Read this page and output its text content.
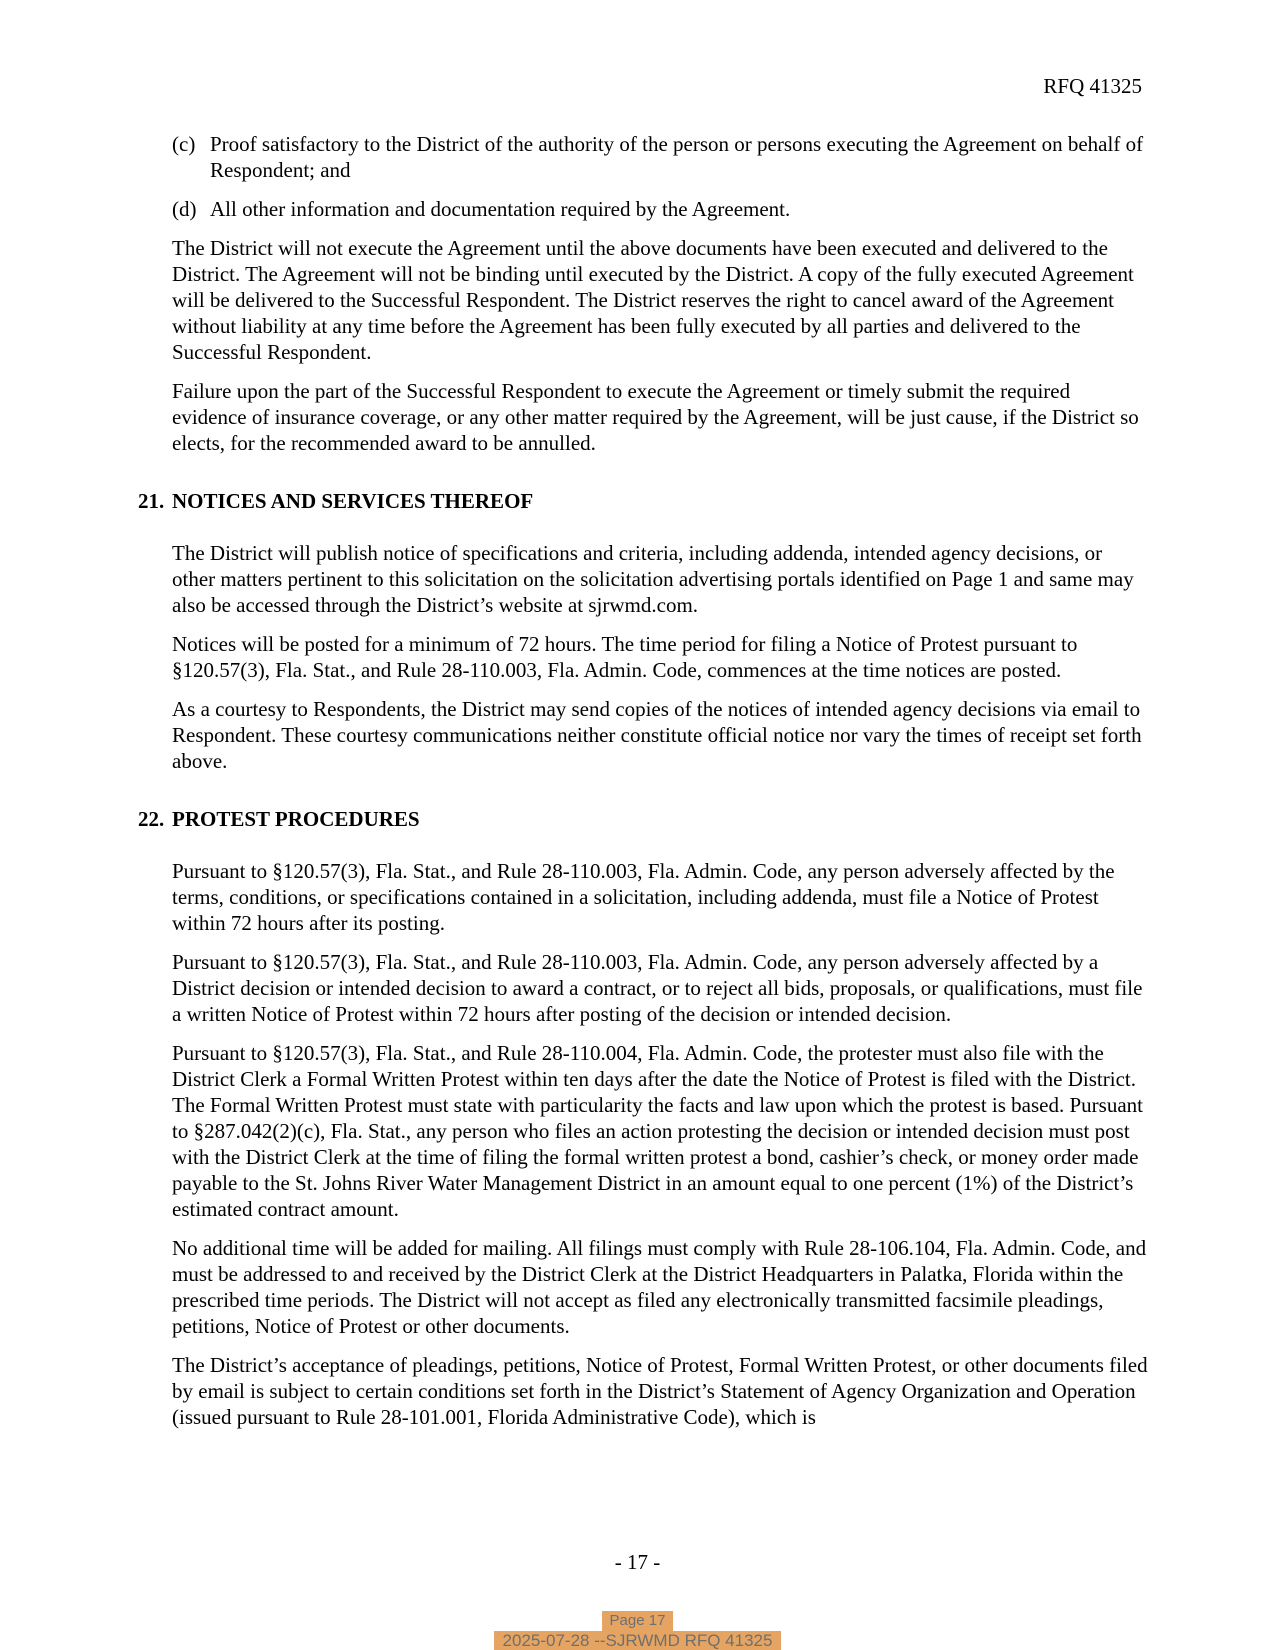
RFQ 41325
(c) Proof satisfactory to the District of the authority of the person or persons executing the Agreement on behalf of Respondent; and
(d) All other information and documentation required by the Agreement.

The District will not execute the Agreement until the above documents have been executed and delivered to the District. The Agreement will not be binding until executed by the District. A copy of the fully executed Agreement will be delivered to the Successful Respondent. The District reserves the right to cancel award of the Agreement without liability at any time before the Agreement has been fully executed by all parties and delivered to the Successful Respondent.

Failure upon the part of the Successful Respondent to execute the Agreement or timely submit the required evidence of insurance coverage, or any other matter required by the Agreement, will be just cause, if the District so elects, for the recommended award to be annulled.

21. NOTICES AND SERVICES THEREOF

The District will publish notice of specifications and criteria, including addenda, intended agency decisions, or other matters pertinent to this solicitation on the solicitation advertising portals identified on Page 1 and same may also be accessed through the District’s website at sjrwmd.com.

Notices will be posted for a minimum of 72 hours. The time period for filing a Notice of Protest pursuant to §120.57(3), Fla. Stat., and Rule 28-110.003, Fla. Admin. Code, commences at the time notices are posted.

As a courtesy to Respondents, the District may send copies of the notices of intended agency decisions via email to Respondent. These courtesy communications neither constitute official notice nor vary the times of receipt set forth above.

22. PROTEST PROCEDURES

Pursuant to §120.57(3), Fla. Stat., and Rule 28-110.003, Fla. Admin. Code, any person adversely affected by the terms, conditions, or specifications contained in a solicitation, including addenda, must file a Notice of Protest within 72 hours after its posting.

Pursuant to §120.57(3), Fla. Stat., and Rule 28-110.003, Fla. Admin. Code, any person adversely affected by a District decision or intended decision to award a contract, or to reject all bids, proposals, or qualifications, must file a written Notice of Protest within 72 hours after posting of the decision or intended decision.

Pursuant to §120.57(3), Fla. Stat., and Rule 28-110.004, Fla. Admin. Code, the protester must also file with the District Clerk a Formal Written Protest within ten days after the date the Notice of Protest is filed with the District. The Formal Written Protest must state with particularity the facts and law upon which the protest is based. Pursuant to §287.042(2)(c), Fla. Stat., any person who files an action protesting the decision or intended decision must post with the District Clerk at the time of filing the formal written protest a bond, cashier’s check, or money order made payable to the St. Johns River Water Management District in an amount equal to one percent (1%) of the District’s estimated contract amount.

No additional time will be added for mailing. All filings must comply with Rule 28-106.104, Fla. Admin. Code, and must be addressed to and received by the District Clerk at the District Headquarters in Palatka, Florida within the prescribed time periods. The District will not accept as filed any electronically transmitted facsimile pleadings, petitions, Notice of Protest or other documents.

The District’s acceptance of pleadings, petitions, Notice of Protest, Formal Written Protest, or other documents filed by email is subject to certain conditions set forth in the District’s Statement of Agency Organization and Operation (issued pursuant to Rule 28-101.001, Florida Administrative Code), which is

- 17 -
Page 17
2025-07-28 --SJRWMD RFQ 41325
